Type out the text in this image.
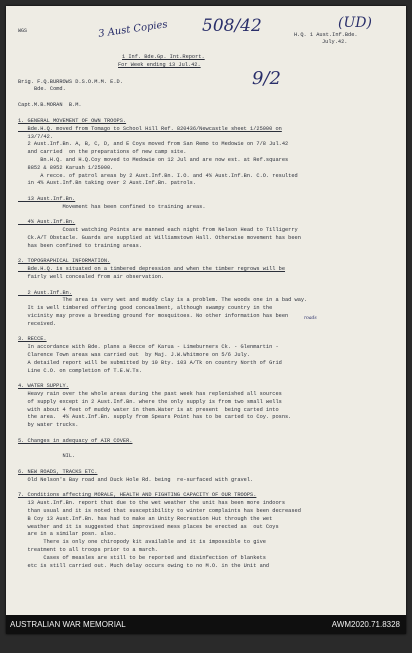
3 Aust Copies 508/42	(UD)
9/2
roads
WGS
H.Q. 1 Aust.Inf.Bde.
July.42.
1 Inf. Bde.Gp. Int.Report.
For Week ending 13 Jul.42.
Brig. F.Q.BURROWS D.S.O.M.M. E.D.
Bde. Comd.
Capt.M.B.MORAN  B.M.
1. GENERAL MOVEMENT OF OWN TROOPS.
Bde.H.Q. moved from Tomago to School Hill Ref. 820436/Newcastle sheet 1/25000 on
13/7/42.
2 Aust.Inf.Bn. A, B, C, D, and E Coys moved from San Remo to Medowie on 7/8 Jul.42
and carried  on the preparations of new camp site.
Bn.H.Q. and H.Q.Coy moved to Medowie on 12 Jul and are now est. at Ref.squares
8852 & 8952 Karuah 1/25000.
A recce. of patrol areas by 2 Aust.Inf.Bn. I.O. and 4% Aust.Inf.Bn. C.O. resulted
in 4% Aust.Inf.Bn taking over 2 Aust.Inf.Bn. patrols.
13 Aust.Inf.Bn.
Movement has been confined to training areas.
4% Aust.Inf.Bn.
Coast watching Points are manned each night from Nelson Head to Tilligerry
Ck.A/T Obstacle. Guards are supplied at Williamstown Hall. Otherwise movement has been
has been confined to training areas.
2. TOPOGRAPHICAL INFORMATION.
Bde.H.Q. is situated on a timbered depression and when the timber regrows will be
fairly well concealed from air observation.
2 Aust.Inf.Bn.
The area is very wet and muddy clay is a problem. The woods one in a bad way.
It is well timbered offering good concealment, although swampy country in the
vicinity may prove a breeding ground for mosquitoes. No other information has been
received.
3. RECCE.
In accordance with Bde. plans a Recce of Karua - Limeburners Ck. - Glenmartin -
Clarence Town areas was carried out  by Maj. J.W.Whitmore on 5/6 July.
A detailed report will be submitted by 10 Bty. 103 A/Tk on country North of Grid
Line C.O. on completion of T.E.W.Ts.
4. WATER SUPPLY.
Heavy rain over the whole areas during the past week has replenished all sources
of supply except in 2 Aust.Inf.Bn. where the only supply is from two small wells
with about 4 feet of muddy water in them.Water is at present  being carted into
the area.  4% Aust.Inf.Bn. supply from Spears Point has to be carted to Coy. posns.
by water trucks.
5. Changes in adequacy of AIR COVER.
NIL.
6. NEW ROADS, TRACKS ETC.
Old Nelson's Bay road and Duck Hole Rd. being  re-surfaced with gravel.
7. Conditions affecting MORALE, HEALTH AND FIGHTING CAPACITY OF OUR TROOPS.
13 Aust.Inf.Bn. report that due to the wet weather the unit has been more indoors
than usual and it is noted that susceptibility to winter complaints has been decreased
B Coy 13 Aust.Inf.Bn. has had to make an Unity Recreation Hut through the wet
weather and it is suggested that improvised mess places be erected as  out Coys
are in a similar posn. also.
There is only one chiropody kit available and it is impossible to give
treatment to all troops prior to a march.
Cases of measles are still to be reported and disinfection of blankets
etc is still carried out. Much delay occurs owing to no M.O. in the Unit and
AUSTRALIAN WAR MEMORIAL	AWM2020.71.8328
